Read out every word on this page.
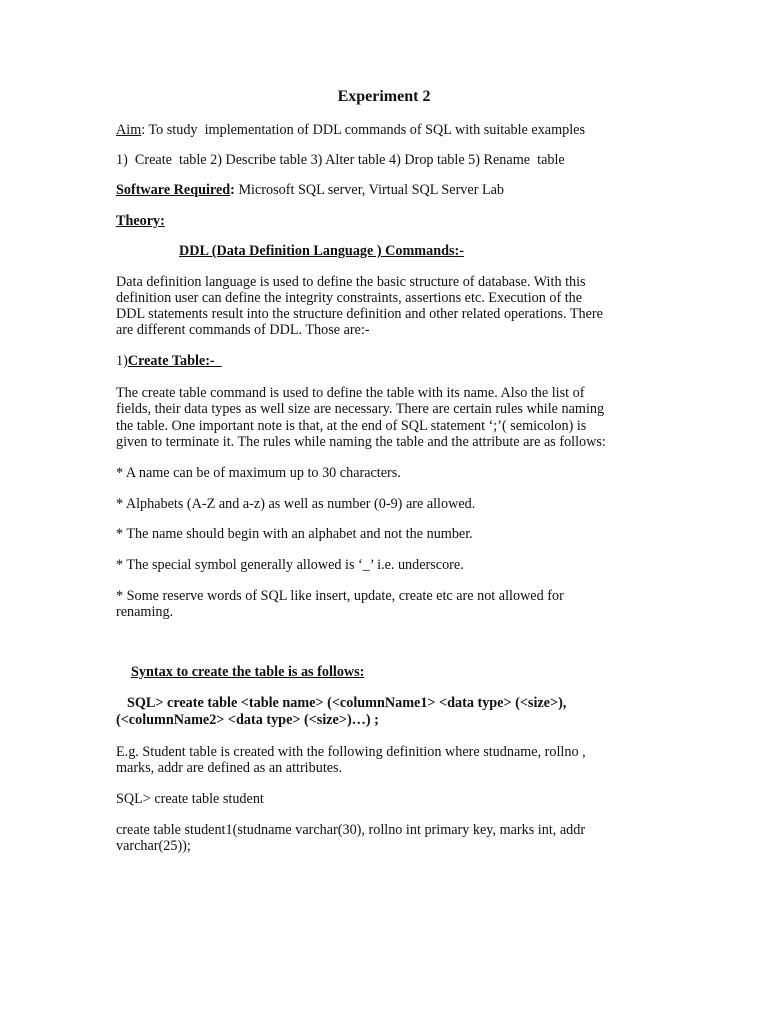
Experiment 2

Aim: To study  implementation of DDL commands of SQL with suitable examples

1)  Create  table 2) Describe table 3) Alter table 4) Drop table 5) Rename  table

Software Required: Microsoft SQL server, Virtual SQL Server Lab

Theory:

DDL (Data Definition Language ) Commands:-

Data definition language is used to define the basic structure of database. With this

definition user can define the integrity constraints, assertions etc. Execution of the

DDL statements result into the structure definition and other related operations. There

are different commands of DDL. Those are:-

1)Create Table:-

The create table command is used to define the table with its name. Also the list of

fields, their data types as well size are necessary. There are certain rules while naming

the table. One important note is that, at the end of SQL statement ‘;’( semicolon) is

given to terminate it. The rules while naming the table and the attribute are as follows:

* A name can be of maximum up to 30 characters.

* Alphabets (A-Z and a-z) as well as number (0-9) are allowed.

* The name should begin with an alphabet and not the number.

* The special symbol generally allowed is ‘_’ i.e. underscore.

* Some reserve words of SQL like insert, update, create etc are not allowed for

renaming.

Syntax to create the table is as follows:

SQL> create table <table name> (<columnName1> <data type> (<size>),

(<columnName2> <data type> (<size>)…) ;

E.g. Student table is created with the following definition where studname, rollno ,

marks, addr are defined as an attributes.

SQL> create table student

create table student1(studname varchar(30), rollno int primary key, marks int, addr

varchar(25));
